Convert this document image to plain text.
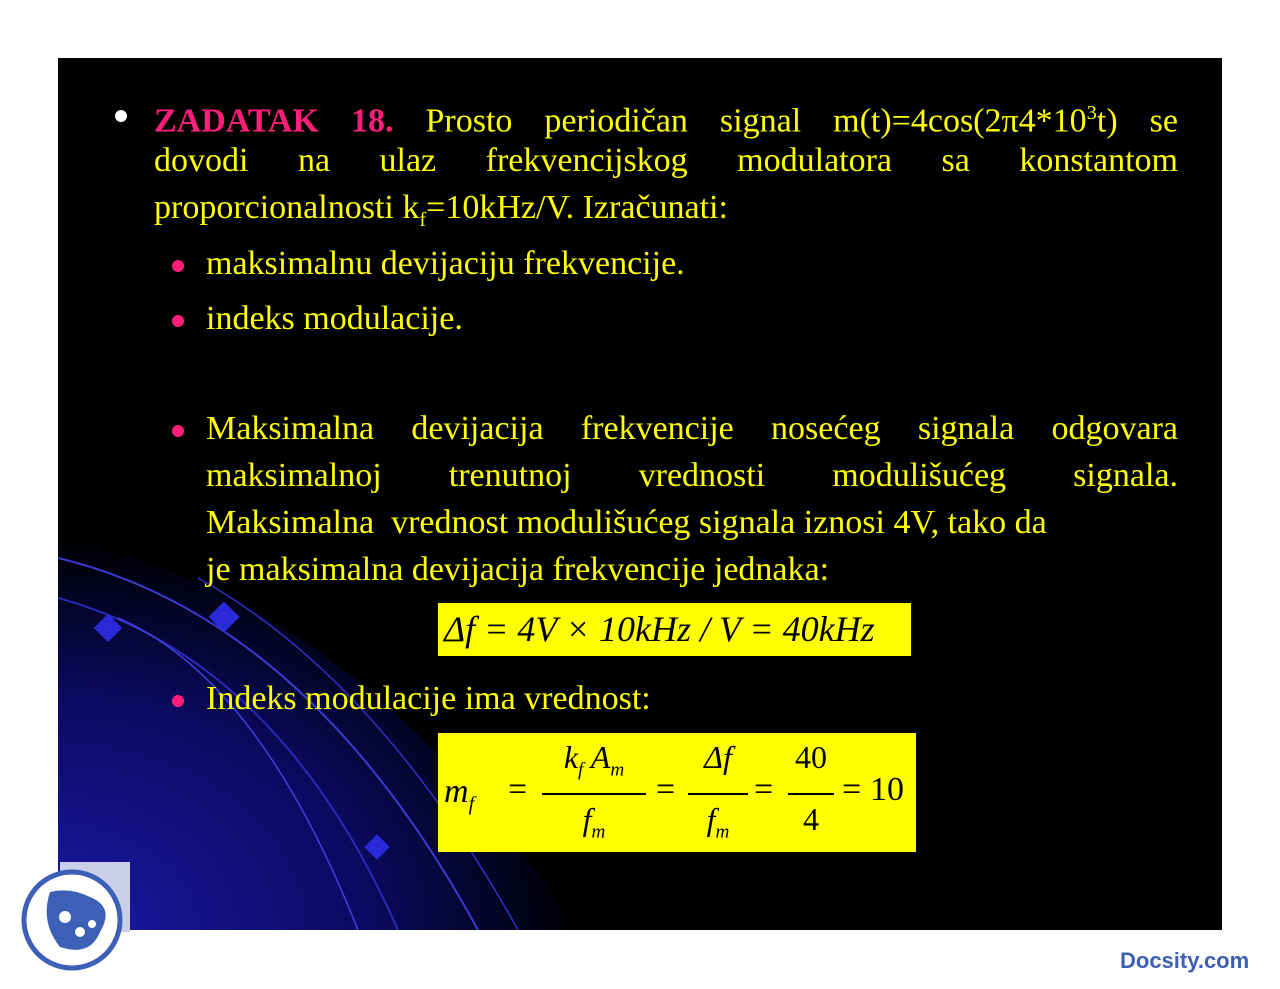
ZADATAK 18. Prosto periodičan signal $m(t)=4\cos(2\pi 4*10^3t)$ se
dovodi na ulaz frekvencijskog modulatora sa konstantom
proporcionalnosti $k_f=10kHz/V$. Izračunati:
maksimalnu devijaciju frekvencije.
indeks modulacije.
Maksimalna devijacija frekvencije nosećeg signala odgovara
maksimalnoj trenutnoj vrednosti modulišućeg signala.
Maksimalna  vrednost modulišućeg signala iznosi 4V, tako da
je maksimalna devijacija frekvencije jednaka:
Δf = 4V × 10kHz / V = 40kHz
Indeks modulacije ima vrednost:
$m_f$ =
$k_f$ $A_m$
$f_m$
=
Δf
$f_m$
=
40
4
= 10
Docsity.com
